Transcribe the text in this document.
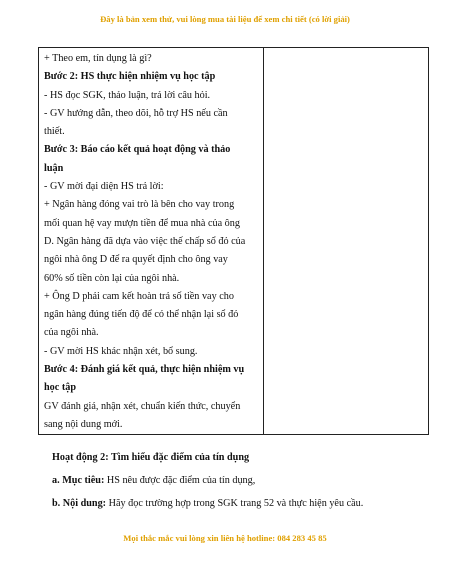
Đây là bản xem thử, vui lòng mua tài liệu để xem chi tiết (có lời giải)

+ Theo em, tín dụng là gì?

Bước 2: HS thực hiện nhiệm vụ học tập

- HS đọc SGK, thảo luận, trả lời câu hỏi.

- GV hướng dẫn, theo dõi, hỗ trợ HS nếu cần

thiết.

Bước 3: Báo cáo kết quả hoạt động và thảo

luận

- GV mời đại diện HS trả lời:

+ Ngân hàng đóng vai trò là bên cho vay trong

mối quan hệ vay mượn tiền để mua nhà của ông

D. Ngân hàng đã dựa vào việc thế chấp sổ đỏ của

ngôi nhà ông D để ra quyết định cho ông vay

60% số tiền còn lại của ngôi nhà.

+ Ông D phải cam kết hoàn trả số tiền vay cho

ngân hàng đúng tiến độ để có thể nhận lại sổ đỏ

của ngôi nhà.

- GV mời HS khác nhận xét, bổ sung.

Bước 4: Đánh giá kết quả, thực hiện nhiệm vụ

học tập

GV đánh giá, nhận xét, chuẩn kiến thức, chuyển

sang nội dung mới.

Hoạt động 2: Tìm hiểu đặc điểm của tín dụng

a. Mục tiêu: HS nêu được đặc điểm của tín dụng,

b. Nội dung: Hãy đọc trường hợp trong SGK trang 52 và thực hiện yêu cầu.

Mọi thắc mắc vui lòng xin liên hệ hotline: 084 283 45 85
